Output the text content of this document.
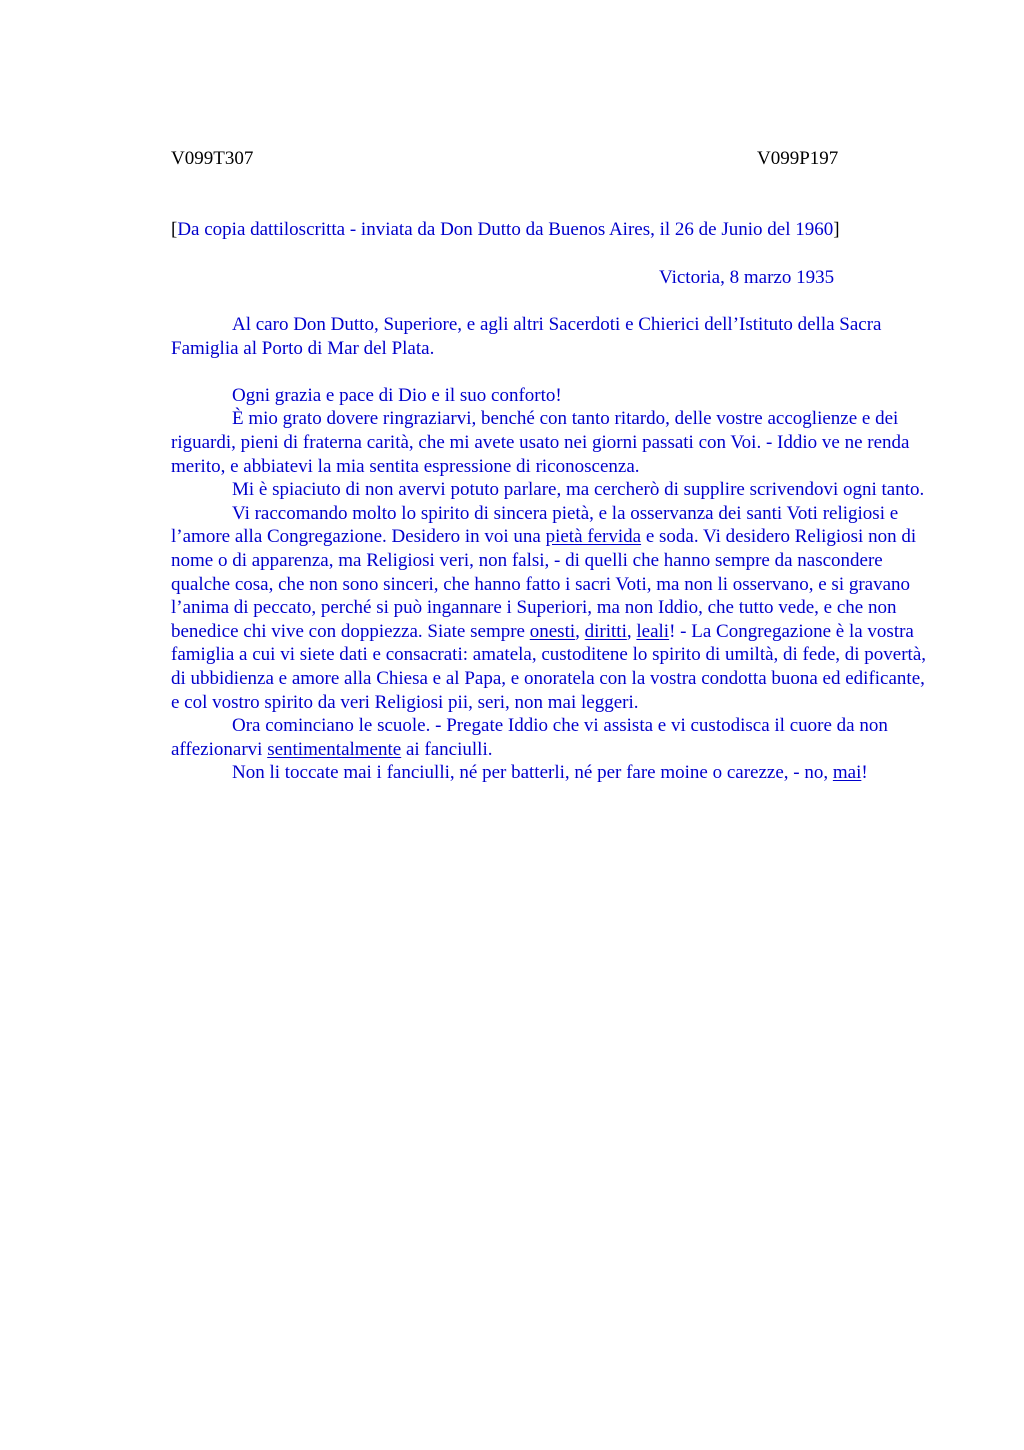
V099T307	V099P197
[Da copia dattiloscritta - inviata da Don Dutto da Buenos Aires, il 26 de Junio del 1960]
Victoria, 8 marzo 1935

Al caro Don Dutto, Superiore, e agli altri Sacerdoti e Chierici dell’Istituto della Sacra Famiglia al Porto di Mar del Plata.

Ogni grazia e pace di Dio e il suo conforto!

È mio grato dovere ringraziarvi, benché con tanto ritardo, delle vostre accoglienze e dei riguardi, pieni di fraterna carità, che mi avete usato nei giorni passati con Voi. - Iddio ve ne renda merito, e abbiatevi la mia sentita espressione di riconoscenza.

Mi è spiaciuto di non avervi potuto parlare, ma cercherò di supplire scrivendovi ogni tanto.

Vi raccomando molto lo spirito di sincera pietà, e la osservanza dei santi Voti religiosi e l’amore alla Congregazione. Desidero in voi una pietà fervida e soda. Vi desidero Religiosi non di nome o di apparenza, ma Religiosi veri, non falsi, - di quelli che hanno sempre da nascondere qualche cosa, che non sono sinceri, che hanno fatto i sacri Voti, ma non li osservano, e si gravano l’anima di peccato, perché si può ingannare i Superiori, ma non Iddio, che tutto vede, e che non benedice chi vive con doppiezza. Siate sempre onesti, diritti, leali! - La Congregazione è la vostra famiglia a cui vi siete dati e consacrati: amatela, custoditene lo spirito di umiltà, di fede, di povertà, di ubbidienza e amore alla Chiesa e al Papa, e onoratela con la vostra condotta buona ed edificante, e col vostro spirito da veri Religiosi pii, seri, non mai leggeri.

Ora cominciano le scuole. - Pregate Iddio che vi assista e vi custodisca il cuore da non affezionarvi sentimentalmente ai fanciulli.

Non li toccate mai i fanciulli, né per batterli, né per fare moine o carezze, - no, mai!
